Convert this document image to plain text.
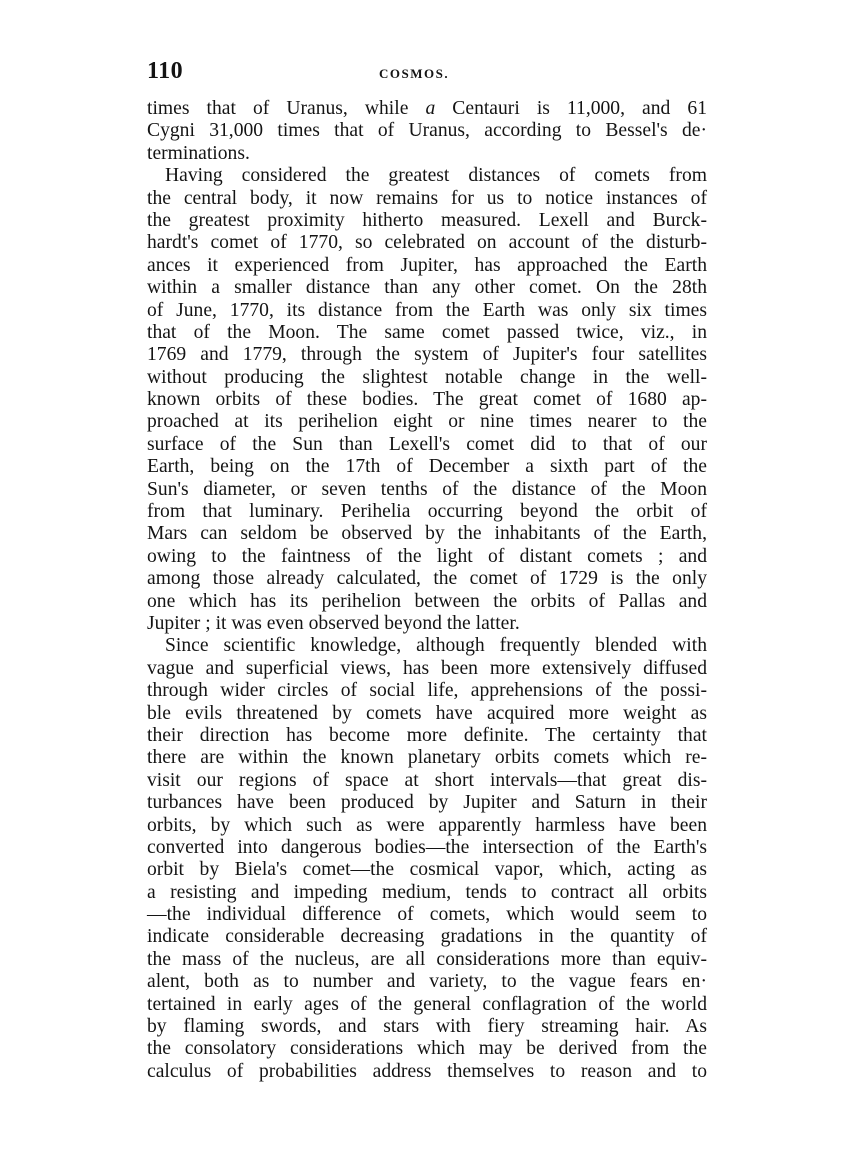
110	COSMOS.
times that of Uranus, while a Centauri is 11,000, and 61
Cygni 31,000 times that of Uranus, according to Bessel's de·
terminations.
Having considered the greatest distances of comets from
the central body, it now remains for us to notice instances of
the greatest proximity hitherto measured. Lexell and Burck-
hardt's comet of 1770, so celebrated on account of the disturb-
ances it experienced from Jupiter, has approached the Earth
within a smaller distance than any other comet. On the 28th
of June, 1770, its distance from the Earth was only six times
that of the Moon. The same comet passed twice, viz., in
1769 and 1779, through the system of Jupiter's four satellites
without producing the slightest notable change in the well-
known orbits of these bodies. The great comet of 1680 ap-
proached at its perihelion eight or nine times nearer to the
surface of the Sun than Lexell's comet did to that of our
Earth, being on the 17th of December a sixth part of the
Sun's diameter, or seven tenths of the distance of the Moon
from that luminary. Perihelia occurring beyond the orbit of
Mars can seldom be observed by the inhabitants of the Earth,
owing to the faintness of the light of distant comets ; and
among those already calculated, the comet of 1729 is the only
one which has its perihelion between the orbits of Pallas and
Jupiter ; it was even observed beyond the latter.
Since scientific knowledge, although frequently blended with
vague and superficial views, has been more extensively diffused
through wider circles of social life, apprehensions of the possi-
ble evils threatened by comets have acquired more weight as
their direction has become more definite. The certainty that
there are within the known planetary orbits comets which re-
visit our regions of space at short intervals—that great dis-
turbances have been produced by Jupiter and Saturn in their
orbits, by which such as were apparently harmless have been
converted into dangerous bodies—the intersection of the Earth's
orbit by Biela's comet—the cosmical vapor, which, acting as
a resisting and impeding medium, tends to contract all orbits
—the individual difference of comets, which would seem to
indicate considerable decreasing gradations in the quantity of
the mass of the nucleus, are all considerations more than equiv-
alent, both as to number and variety, to the vague fears en·
tertained in early ages of the general conflagration of the world
by flaming swords, and stars with fiery streaming hair. As
the consolatory considerations which may be derived from the
calculus of probabilities address themselves to reason and to
